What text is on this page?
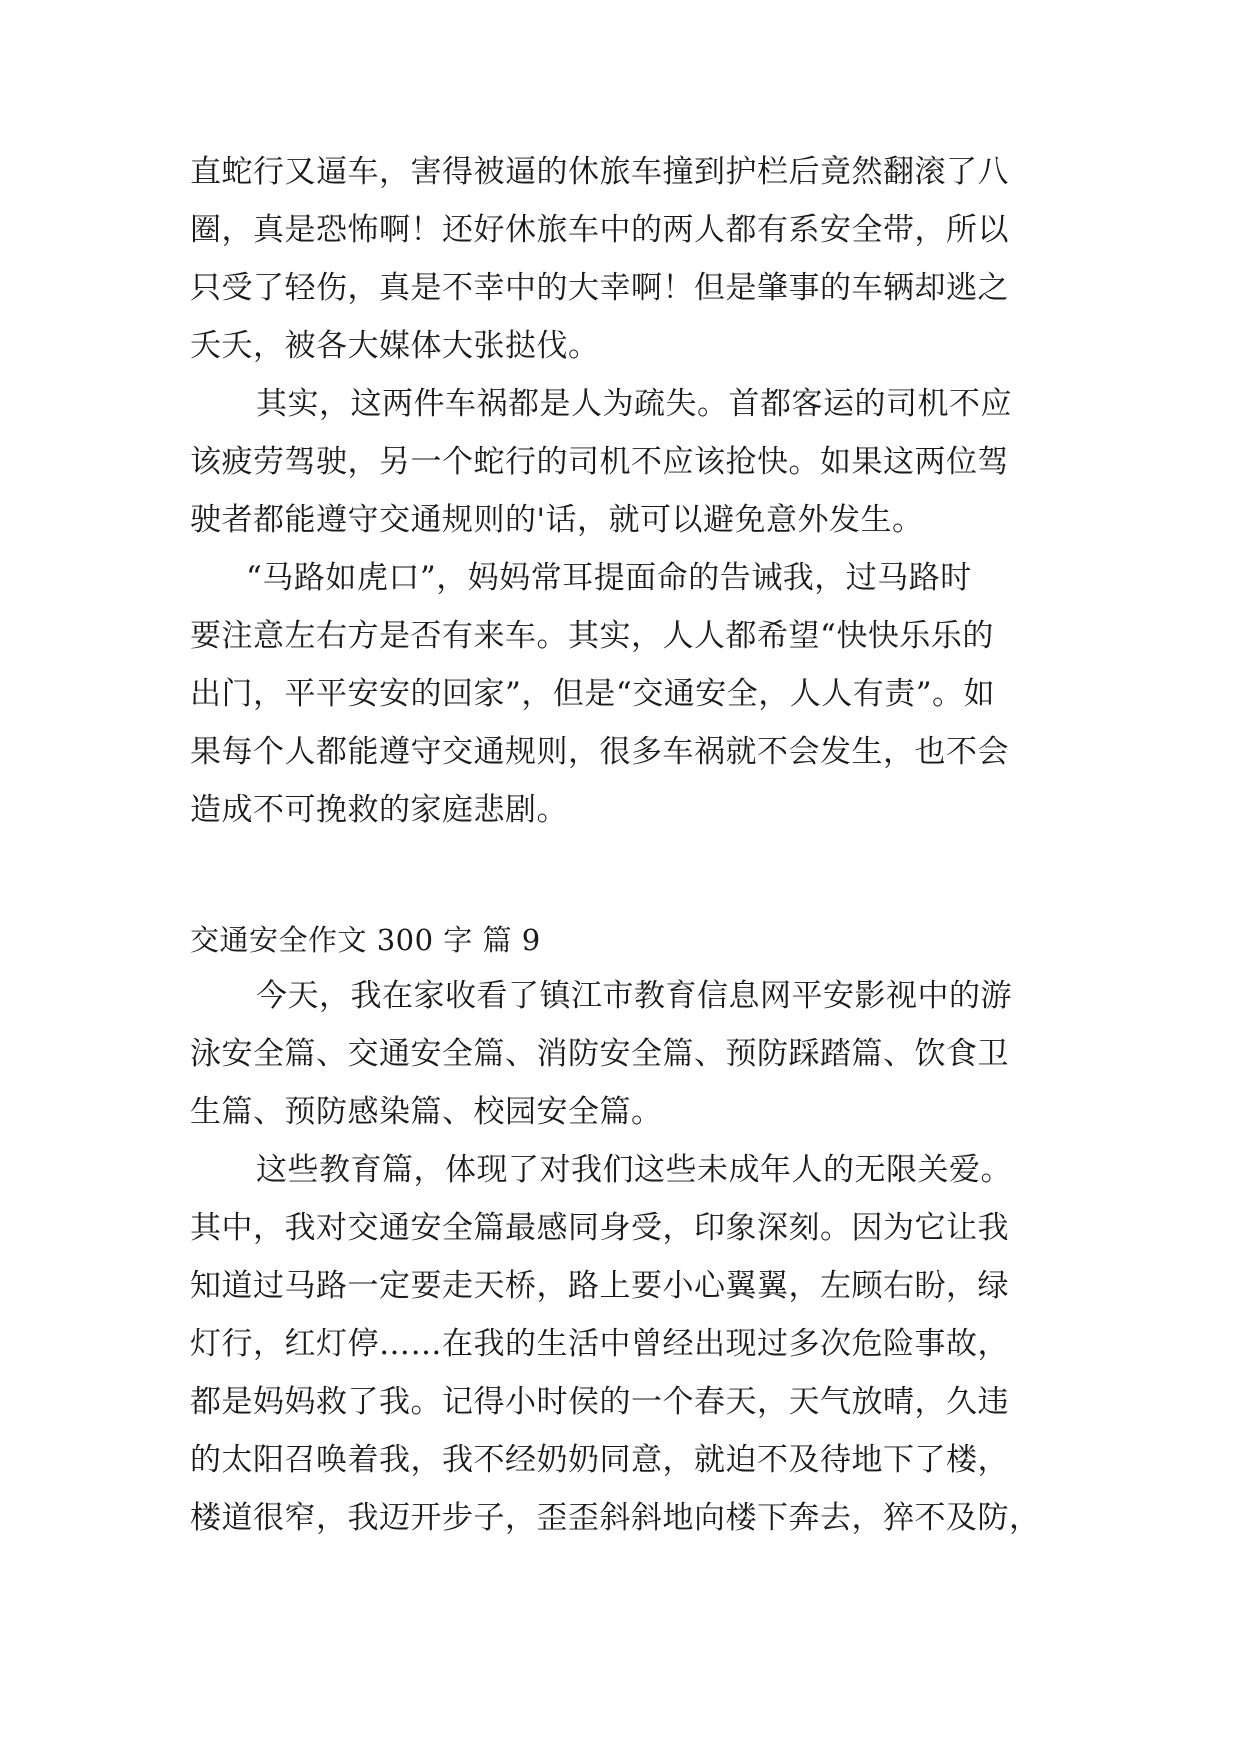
直蛇行又逼车，害得被逼的休旅车撞到护栏后竟然翻滚了八
圈，真是恐怖啊！还好休旅车中的两人都有系安全带，所以
只受了轻伤，真是不幸中的大幸啊！但是肇事的车辆却逃之
夭夭，被各大媒体大张挞伐。
其实，这两件车祸都是人为疏失。首都客运的司机不应
该疲劳驾驶，另一个蛇行的司机不应该抢快。如果这两位驾
驶者都能遵守交通规则的'话，就可以避免意外发生。
“马路如虎口”，妈妈常耳提面命的告诫我，过马路时
要注意左右方是否有来车。其实，人人都希望“快快乐乐的
出门，平平安安的回家”，但是“交通安全，人人有责”。如
果每个人都能遵守交通规则，很多车祸就不会发生，也不会
造成不可挽救的家庭悲剧。
交通安全作文 300 字 篇 9
今天，我在家收看了镇江市教育信息网平安影视中的游
泳安全篇、交通安全篇、消防安全篇、预防踩踏篇、饮食卫
生篇、预防感染篇、校园安全篇。
这些教育篇，体现了对我们这些未成年人的无限关爱。
其中，我对交通安全篇最感同身受，印象深刻。因为它让我
知道过马路一定要走天桥，路上要小心翼翼，左顾右盼，绿
灯行，红灯停……在我的生活中曾经出现过多次危险事故，
都是妈妈救了我。记得小时侯的一个春天，天气放晴，久违
的太阳召唤着我，我不经奶奶同意，就迫不及待地下了楼，
楼道很窄，我迈开步子，歪歪斜斜地向楼下奔去，猝不及防，
